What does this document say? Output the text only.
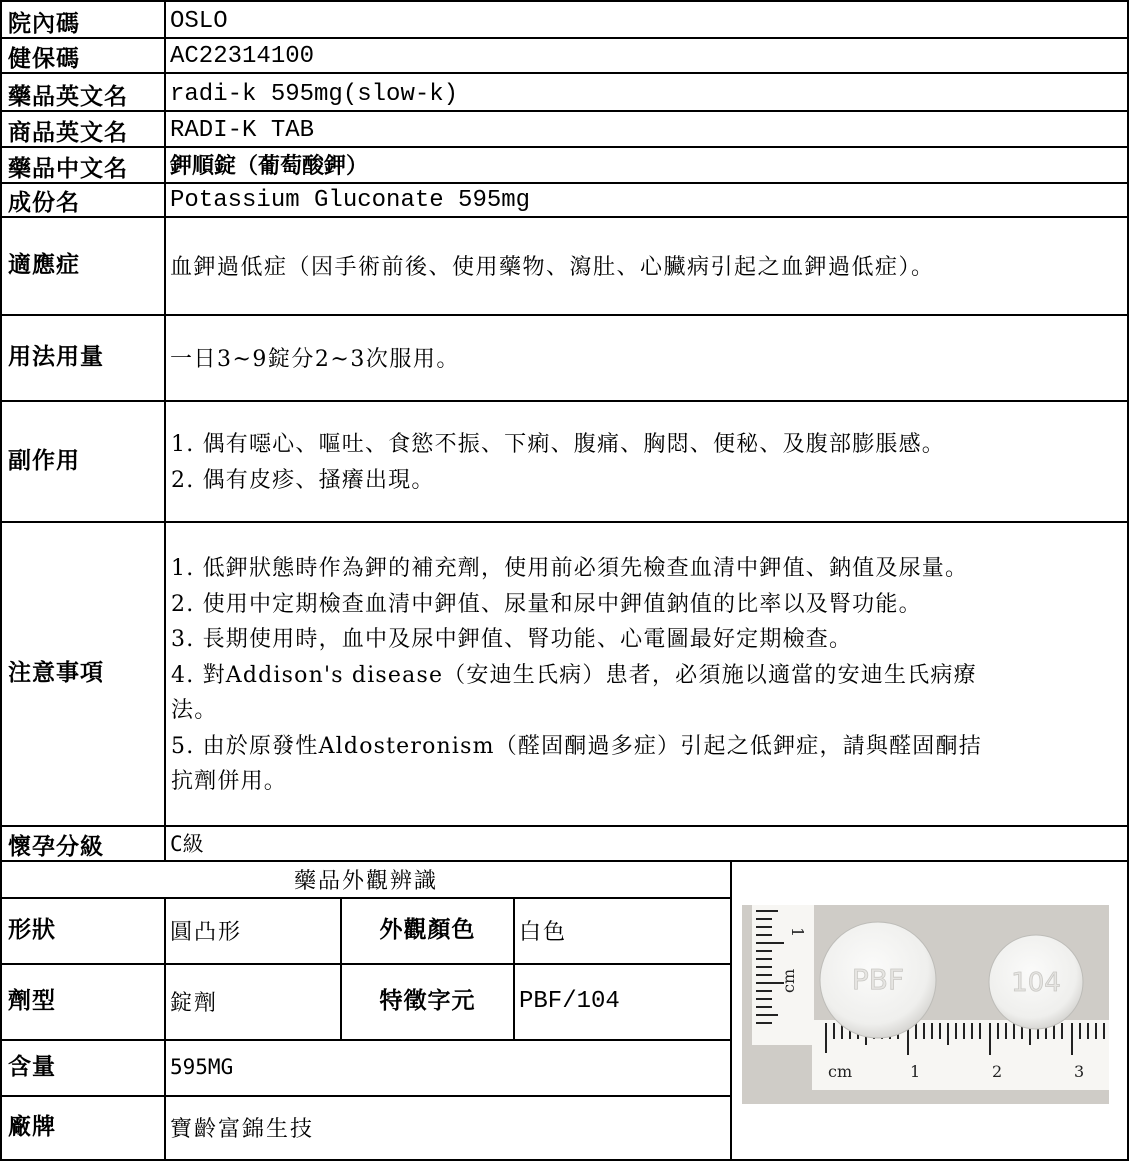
院內碼	OSLO
健保碼	AC22314100
藥品英文名	radi-k 595mg(slow-k)
商品英文名	RADI-K TAB
藥品中文名	鉀順錠（葡萄酸鉀）
成份名	Potassium Gluconate 595mg
適應症	血鉀過低症（因手術前後、使用藥物、瀉肚、心臟病引起之血鉀過低症）。
用法用量	一日3~9錠分2~3次服用。
副作用
1. 偶有噁心、嘔吐、食慾不振、下痢、腹痛、胸悶、便秘、及腹部膨脹感。
2. 偶有皮疹、搔癢出現。
注意事項
1. 低鉀狀態時作為鉀的補充劑，使用前必須先檢查血清中鉀值、鈉值及尿量。
2. 使用中定期檢查血清中鉀值、尿量和尿中鉀值鈉值的比率以及腎功能。
3. 長期使用時，血中及尿中鉀值、腎功能、心電圖最好定期檢查。
4. 對Addison's disease（安迪生氏病）患者，必須施以適當的安迪生氏病療
法。
5. 由於原發性Aldosteronism（醛固酮過多症）引起之低鉀症，請與醛固酮拮
抗劑併用。
懷孕分級	C級
藥品外觀辨識
形狀	圓凸形	外觀顏色	白色
劑型	錠劑	特徵字元	PBF/104
含量	595MG
廠牌	寶齡富錦生技
1
cm
cm	1	2	3
PBF	104
